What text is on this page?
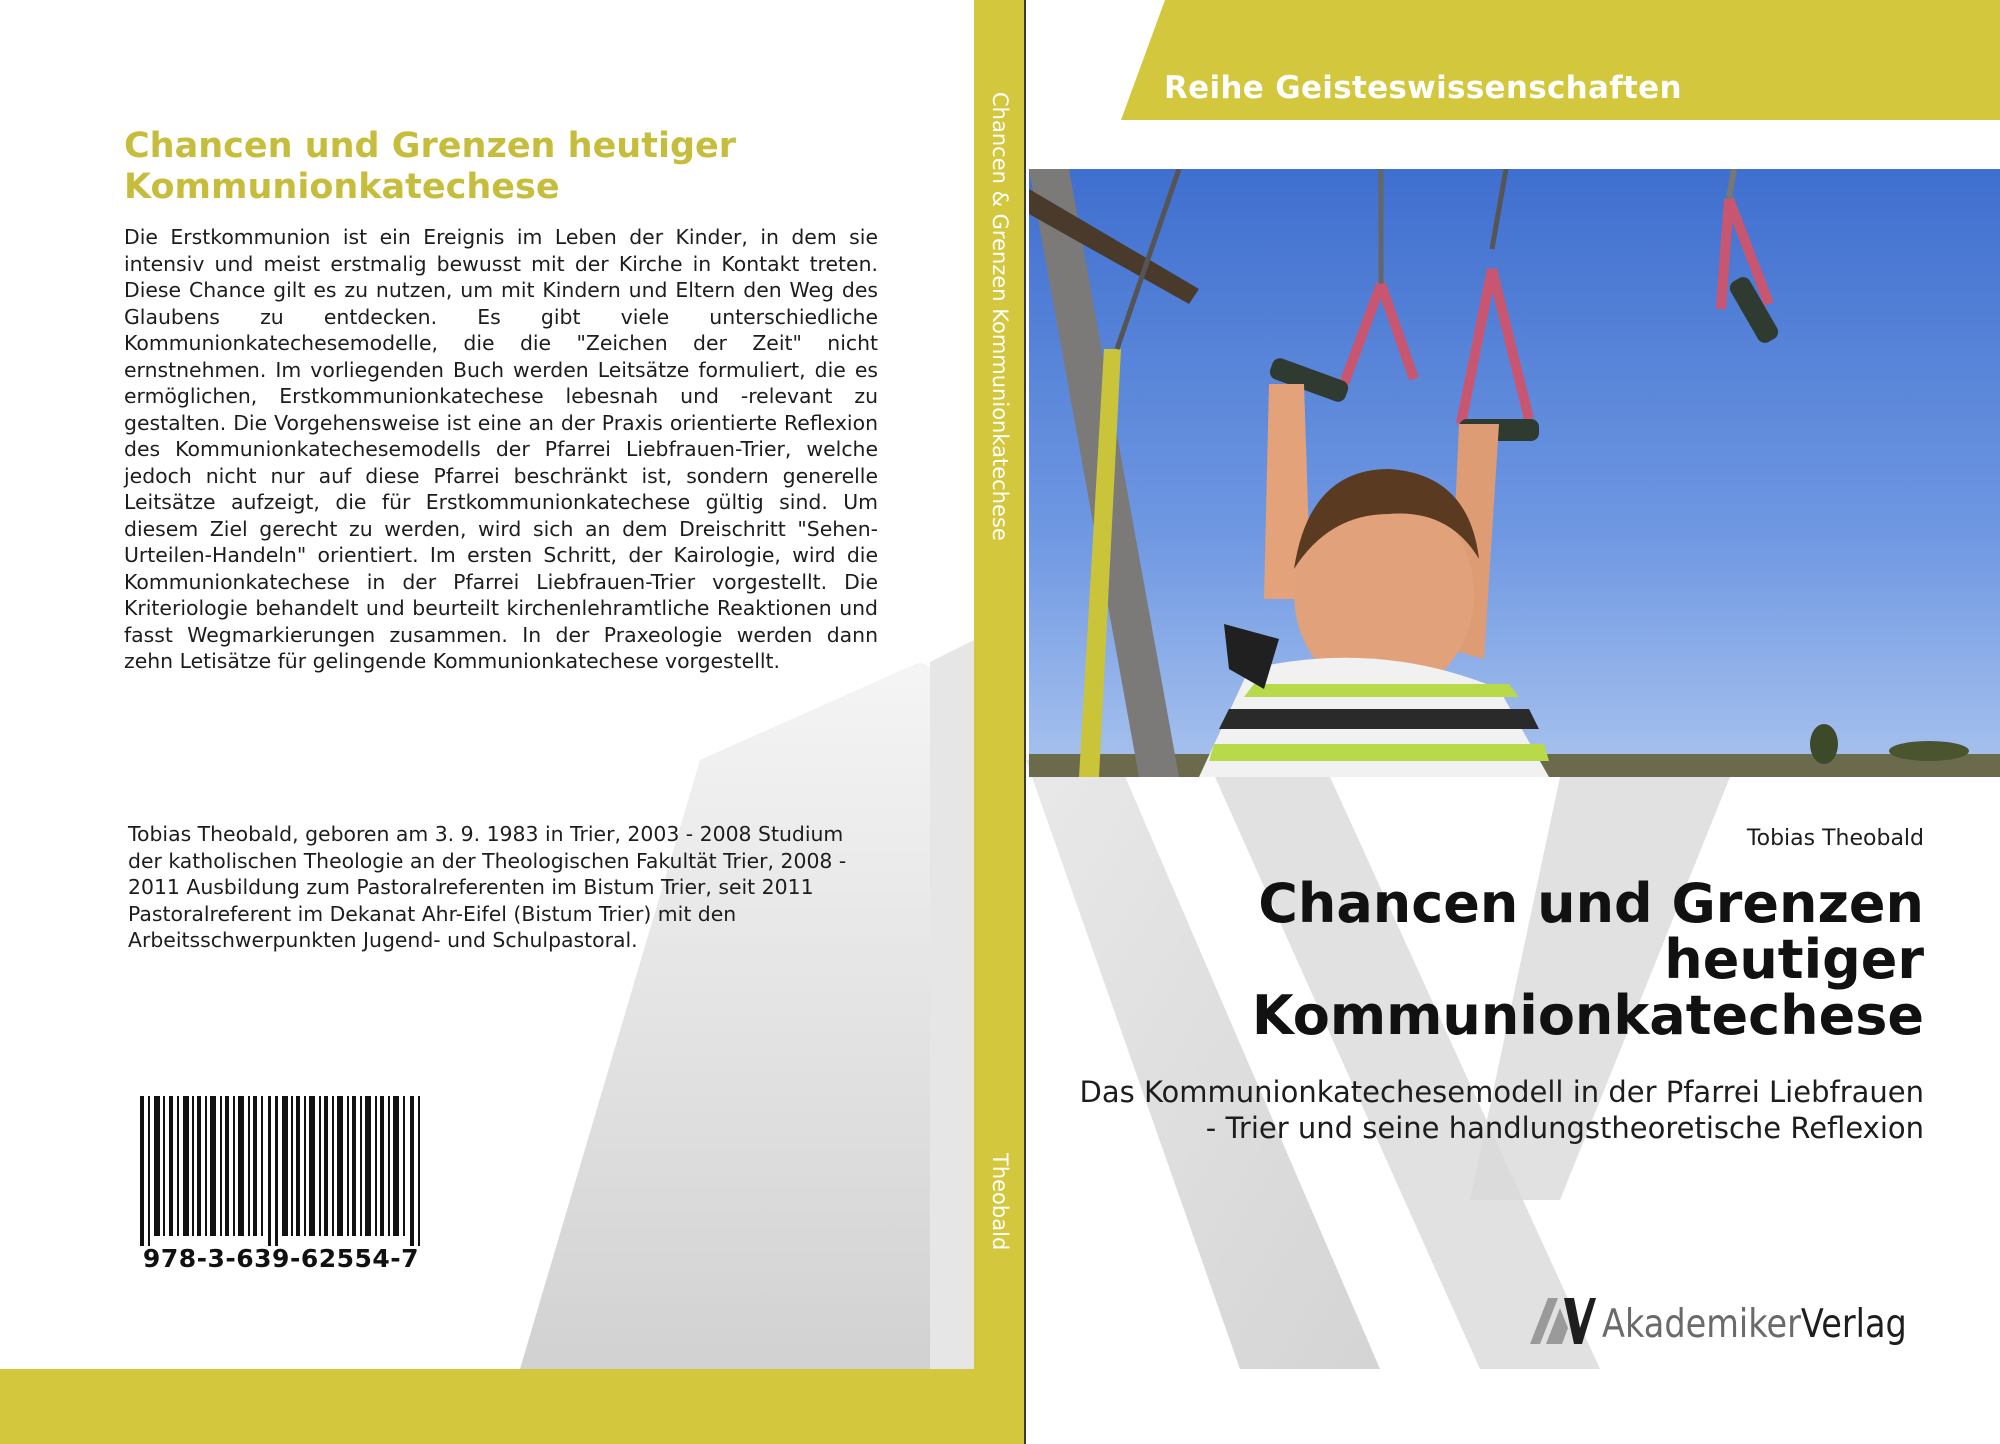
Chancen und Grenzen heutiger Kommunionkatechese

Die Erstkommunion ist ein Ereignis im Leben der Kinder, in dem sie intensiv und meist erstmalig bewusst mit der Kirche in Kontakt treten. Diese Chance gilt es zu nutzen, um mit Kindern und Eltern den Weg des Glaubens zu entdecken. Es gibt viele unterschiedliche Kommunionkatechesemodelle, die die "Zeichen der Zeit" nicht ernstnehmen. Im vorliegenden Buch werden Leitsätze formuliert, die es ermöglichen, Erstkommunionkatechese lebesnah und -relevant zu gestalten. Die Vorgehensweise ist eine an der Praxis orientierte Reflexion des Kommunionkatechesemodells der Pfarrei Liebfrauen-Trier, welche jedoch nicht nur auf diese Pfarrei beschränkt ist, sondern generelle Leitsätze aufzeigt, die für Erstkommunionkatechese gültig sind. Um diesem Ziel gerecht zu werden, wird sich an dem Dreischritt "Sehen-Urteilen-Handeln" orientiert. Im ersten Schritt, der Kairologie, wird die Kommunionkatechese in der Pfarrei Liebfrauen-Trier vorgestellt. Die Kriteriologie behandelt und beurteilt kirchenlehramtliche Reaktionen und fasst Wegmarkierungen zusammen. In der Praxeologie werden dann zehn Letisätze für gelingende Kommunionkatechese vorgestellt.

Tobias Theobald, geboren am 3. 9. 1983 in Trier, 2003 - 2008 Studium der katholischen Theologie an der Theologischen Fakultät Trier, 2008 - 2011 Ausbildung zum Pastoralreferenten im Bistum Trier, seit 2011 Pastoralreferent im Dekanat Ahr-Eifel (Bistum Trier) mit den Arbeitsschwerpunkten Jugend- und Schulpastoral.

978-3-639-62554-7
Chancen & Grenzen Kommunionkatechese
Theobald
Reihe Geisteswissenschaften
Tobias Theobald
Chancen und Grenzen heutiger Kommunionkatechese

Das Kommunionkatechesemodell in der Pfarrei Liebfrauen - Trier und seine handlungstheoretische Reflexion

AkademikerVerlag
